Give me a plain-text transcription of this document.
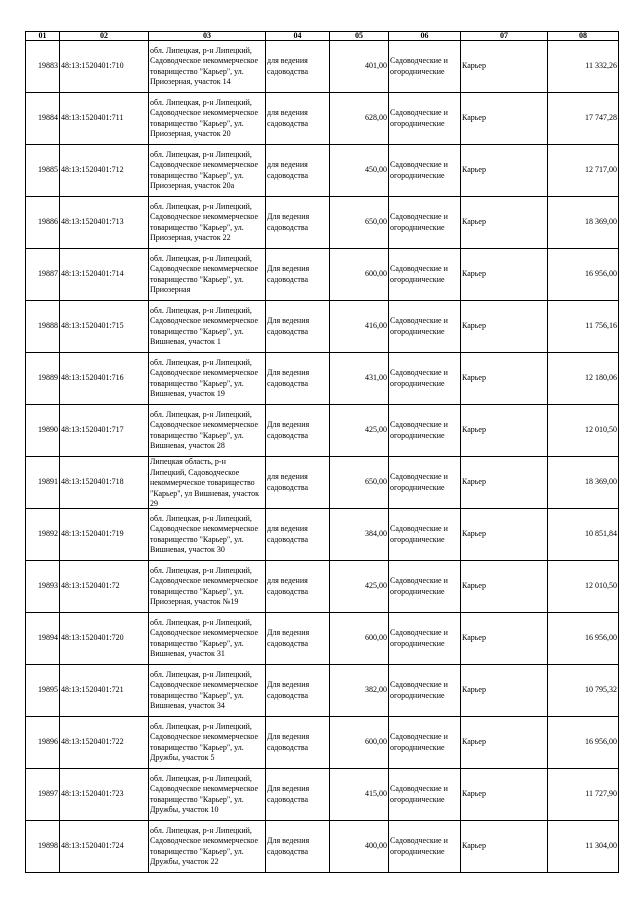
01	02	03	04	05	06	07	08
19883	48:13:1520401:710	обл. Липецкая, р-н Липецкий, Садоводческое некоммерческое товарищество "Карьер", ул. Приозерная, участок 14	для ведения садоводства	401,00	Садоводческие и огороднические	Карьер	11 332,26
19884	48:13:1520401:711	обл. Липецкая, р-н Липецкий, Садоводческое некоммерческое товарищество "Карьер", ул. Приозерная, участок 20	для ведения садоводства	628,00	Садоводческие и огороднические	Карьер	17 747,28
19885	48:13:1520401:712	обл. Липецкая, р-н Липецкий, Садоводческое некоммерческое товарищество "Карьер", ул. Приозерная, участок 20а	для ведения садоводства	450,00	Садоводческие и огороднические	Карьер	12 717,00
19886	48:13:1520401:713	обл. Липецкая, р-н Липецкий, Садоводческое некоммерческое товарищество "Карьер", ул. Приозерная, участок 22	Для ведения садоводства	650,00	Садоводческие и огороднические	Карьер	18 369,00
19887	48:13:1520401:714	обл. Липецкая, р-н Липецкий, Садоводческое некоммерческое товарищество "Карьер", ул. Приозерная	Для ведения садоводства	600,00	Садоводческие и огороднические	Карьер	16 956,00
19888	48:13:1520401:715	обл. Липецкая, р-н Липецкий, Садоводческое некоммерческое товарищество "Карьер", ул. Вишневая, участок 1	Для ведения садоводства	416,00	Садоводческие и огороднические	Карьер	11 756,16
19889	48:13:1520401:716	обл. Липецкая, р-н Липецкий, Садоводческое некоммерческое товарищество "Карьер", ул. Вишневая, участок 19	Для ведения садоводства	431,00	Садоводческие и огороднические	Карьер	12 180,06
19890	48:13:1520401:717	обл. Липецкая, р-н Липецкий, Садоводческое некоммерческое товарищество "Карьер", ул. Вишневая, участок 28	Для ведения садоводства	425,00	Садоводческие и огороднические	Карьер	12 010,50
19891	48:13:1520401:718	Липецкая область, р-н Липецкий, Садоводческое некоммерческое товарищество "Карьер", ул Вишневая, участок 29	для ведения садоводства	650,00	Садоводческие и огороднические	Карьер	18 369,00
19892	48:13:1520401:719	обл. Липецкая, р-н Липецкий, Садоводческое некоммерческое товарищество "Карьер", ул. Вишневая, участок 30	для ведения садоводства	384,00	Садоводческие и огороднические	Карьер	10 851,84
19893	48:13:1520401:72	обл. Липецкая, р-н Липецкий, Садоводческое некоммерческое товарищество "Карьер", ул. Приозерная, участок №19	для ведения садоводства	425,00	Садоводческие и огороднические	Карьер	12 010,50
19894	48:13:1520401:720	обл. Липецкая, р-н Липецкий, Садоводческое некоммерческое товарищество "Карьер", ул. Вишневая, участок 31	Для ведения садоводства	600,00	Садоводческие и огороднические	Карьер	16 956,00
19895	48:13:1520401:721	обл. Липецкая, р-н Липецкий, Садоводческое некоммерческое товарищество "Карьер", ул. Вишневая, участок 34	Для ведения садоводства	382,00	Садоводческие и огороднические	Карьер	10 795,32
19896	48:13:1520401:722	обл. Липецкая, р-н Липецкий, Садоводческое некоммерческое товарищество "Карьер", ул. Дружбы, участок 5	Для ведения садоводства	600,00	Садоводческие и огороднические	Карьер	16 956,00
19897	48:13:1520401:723	обл. Липецкая, р-н Липецкий, Садоводческое некоммерческое товарищество "Карьер", ул. Дружбы, участок 10	Для ведения садоводства	415,00	Садоводческие и огороднические	Карьер	11 727,90
19898	48:13:1520401:724	обл. Липецкая, р-н Липецкий, Садоводческое некоммерческое товарищество "Карьер", ул. Дружбы, участок 22	Для ведения садоводства	400,00	Садоводческие и огороднические	Карьер	11 304,00
